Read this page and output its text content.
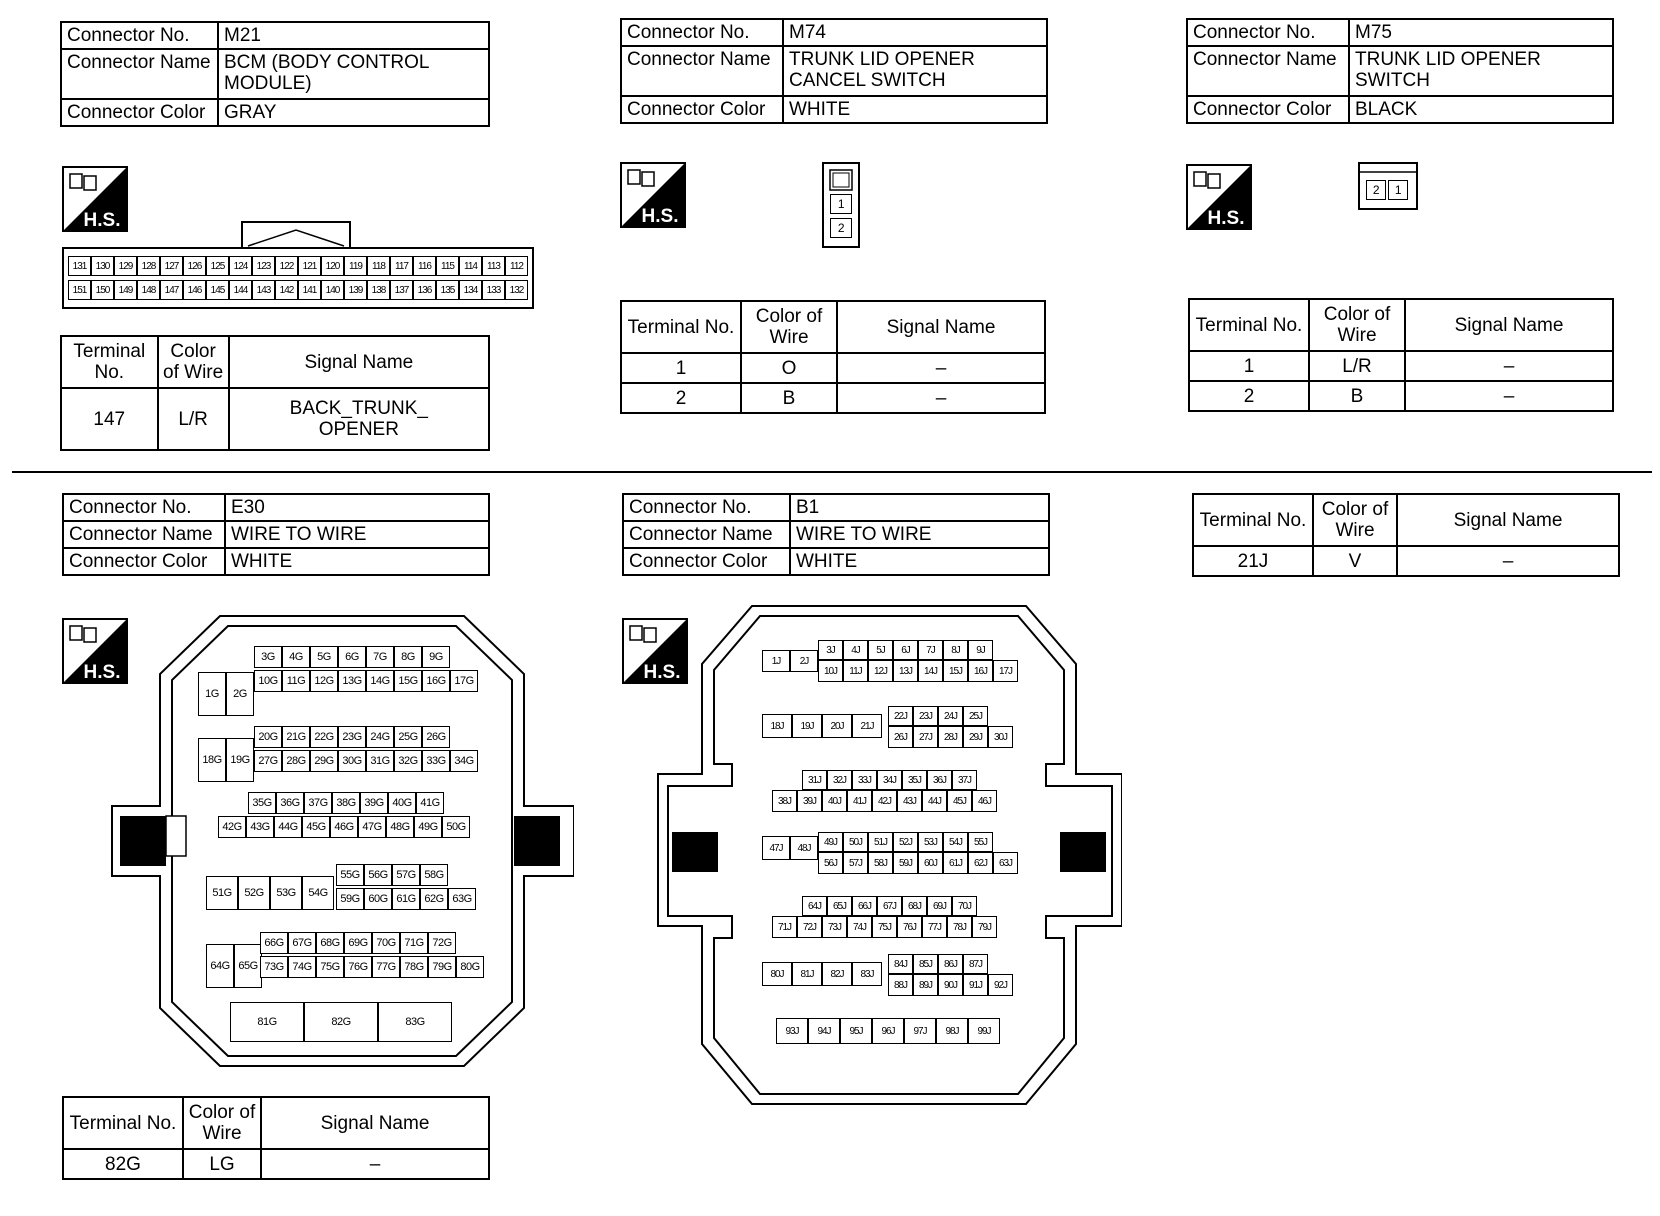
Connector No.	M21
Connector Name	BCM (BODY CONTROL MODULE)
Connector Color	GRAY
Connector No.	M74
Connector Name	TRUNK LID OPENER CANCEL SWITCH
Connector Color	WHITE
Connector No.	M75
Connector Name	TRUNK LID OPENER SWITCH
Connector Color	BLACK
H.S.	H.S.	H.S.
131 130 129 128 127 126 125 124 123 122 121 120 119	118	117	116	115	114	113	112
151 150 149 148 147 146 145 144 143 142 141 140 139 138 137 136 135 134 133 132
1
2
2	1
Terminal No.	Color of Wire	Signal Name
147	L/R	BACK_TRUNK_ OPENER
Terminal No.	Color of Wire	Signal Name
1	O	–
2	B	–
Terminal No.	Color of Wire	Signal Name
1	L/R	–
2	B	–
Connector No.	E30
Connector Name	WIRE TO WIRE
Connector Color	WHITE
Connector No.	B1
Connector Name	WIRE TO WIRE
Connector Color	WHITE
Terminal No.	Color of Wire	Signal Name
21J	V	–
H.S.	H.S.
1G	2G
3G	4G	5G	6G	7G	8G	9G
10G 11G 12G 13G 14G 15G 16G 17G
18G 19G
20G 21G 22G 23G 24G 25G 26G
27G 28G 29G 30G 31G 32G 33G 34G
35G 36G 37G 38G 39G 40G 41G
42G 43G 44G 45G 46G 47G 48G 49G 50G
51G	52G	53G	54G
55G 56G 57G 58G
59G 60G 61G 62G 63G
64G 65G
66G 67G 68G 69G 70G 71G 72G
73G 74G 75G 76G 77G 78G 79G 80G
81G	82G	83G
1J	2J
3J	4J	5J	6J	7J	8J	9J
10J	11J	12J	13J	14J	15J	16J	17J
18J	19J	20J	21J
22J	23J	24J	25J
26J	27J	28J	29J	30J
31J	32J	33J	34J	35J	36J	37J
38J	39J	40J	41J	42J	43J	44J	45J	46J
47J	48J
49J	50J	51J	52J	53J	54J	55J
56J	57J	58J	59J	60J	61J	62J	63J
64J	65J	66J	67J	68J	69J	70J
71J	72J	73J	74J	75J	76J	77J	78J	79J
80J	81J	82J	83J
84J	85J	86J	87J
88J	89J	90J	91J	92J
93J	94J	95J	96J	97J	98J	99J
Terminal No.	Color of Wire	Signal Name
82G	LG	–
